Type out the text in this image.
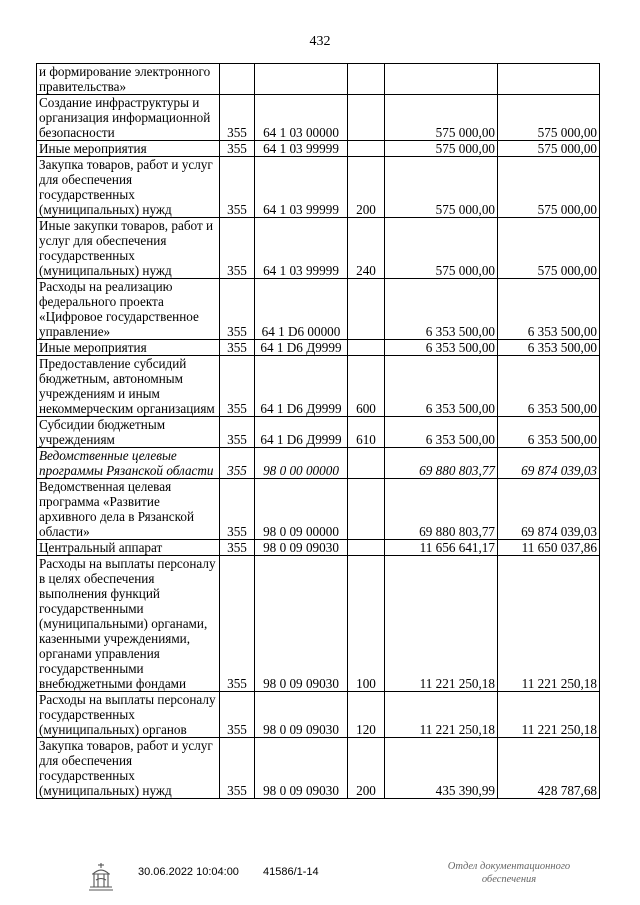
432
и формирование электронного правительства»					
Создание инфраструктуры и организация информационной безопасности	355	64 1 03 00000		575 000,00	575 000,00
Иные мероприятия	355	64 1 03 99999		575 000,00	575 000,00
Закупка товаров, работ и услуг для обеспечения государственных (муниципальных) нужд	355	64 1 03 99999	200	575 000,00	575 000,00
Иные закупки товаров, работ и услуг для обеспечения государственных (муниципальных) нужд	355	64 1 03 99999	240	575 000,00	575 000,00
Расходы на реализацию федерального проекта «Цифровое государственное управление»	355	64 1 D6 00000		6 353 500,00	6 353 500,00
Иные мероприятия	355	64 1 D6 Д9999		6 353 500,00	6 353 500,00
Предоставление субсидий бюджетным, автономным учреждениям и иным некоммерческим организациям	355	64 1 D6 Д9999	600	6 353 500,00	6 353 500,00
Субсидии бюджетным учреждениям	355	64 1 D6 Д9999	610	6 353 500,00	6 353 500,00
Ведомственные целевые программы Рязанской области	355	98 0 00 00000		69 880 803,77	69 874 039,03
Ведомственная целевая программа «Развитие архивного дела в Рязанской области»	355	98 0 09 00000		69 880 803,77	69 874 039,03
Центральный аппарат	355	98 0 09 09030		11 656 641,17	11 650 037,86
Расходы на выплаты персоналу в целях обеспечения выполнения функций государственными (муниципальными) органами, казенными учреждениями, органами управления государственными внебюджетными фондами	355	98 0 09 09030	100	11 221 250,18	11 221 250,18
Расходы на выплаты персоналу государственных (муниципальных) органов	355	98 0 09 09030	120	11 221 250,18	11 221 250,18
Закупка товаров, работ и услуг для обеспечения государственных (муниципальных) нужд	355	98 0 09 09030	200	435 390,99	428 787,68
30.06.2022 10:04:00 41586/1-14	Отдел документационного
обеспечения
